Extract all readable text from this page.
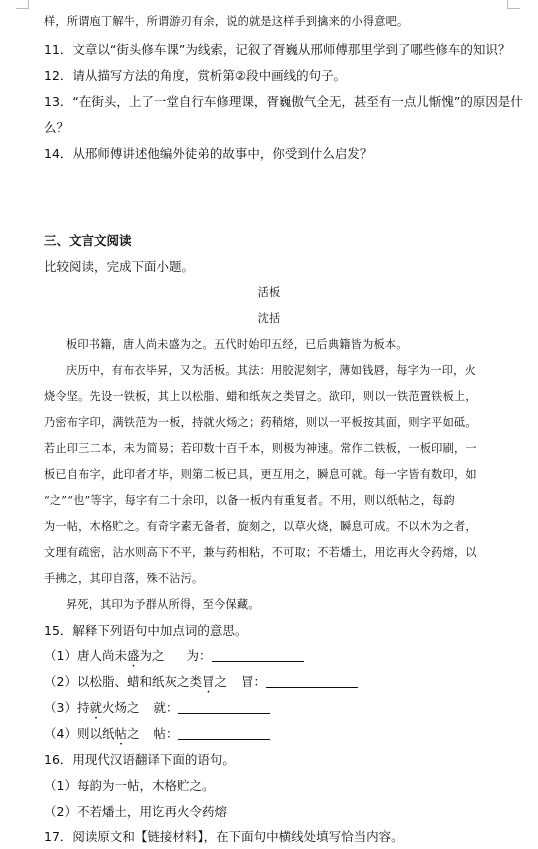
样，所谓庖丁解牛，所谓游刃有余，说的就是这样手到擒来的小得意吧。
11．文章以“街头修车课”为线索，记叙了胥巍从邢师傅那里学到了哪些修车的知识？
12．请从描写方法的角度，赏析第②段中画线的句子。
13．“在街头，上了一堂自行车修理课，胥巍傲气全无，甚至有一点儿惭愧”的原因是什
么？
14．从邢师傅讲述他编外徒弟的故事中，你受到什么启发？
三、文言文阅读
比较阅读，完成下面小题。
活板
沈括
板印书籍，唐人尚未盛为之。五代时始印五经，已后典籍皆为板本。
庆历中，有布衣毕昇，又为活板。其法：用胶泥刻字，薄如钱唇，每字为一印，火
烧令坚。先设一铁板，其上以松脂、蜡和纸灰之类冒之。欲印，则以一铁范置铁板上，
乃密布字印，满铁范为一板，持就火炀之；药稍熔，则以一平板按其面，则字平如砥。
若止印三二本，未为简易；若印数十百千本，则极为神速。常作二铁板，一板印刷，一
板已自布字，此印者才毕，则第二板已具，更互用之，瞬息可就。每一字皆有数印，如
“之”“也”等字，每字有二十余印，以备一板内有重复者。不用，则以纸帖之，每韵
为一帖，木格贮之。有奇字素无备者，旋刻之，以草火烧，瞬息可成。不以木为之者，
文理有疏密，沾水则高下不平，兼与药相粘，不可取；不若燔土，用讫再火令药熔，以
手拂之，其印自落，殊不沾污。
昇死，其印为予群从所得，至今保藏。
15．解释下列语句中加点词的意思。
（1）唐人尚未盛为之 为：
（2）以松脂、蜡和纸灰之类冒之 冒：
（3）持就火炀之 就：
（4）则以纸帖之 帖：
16．用现代汉语翻译下面的语句。
（1）每韵为一帖，木格贮之。
（2）不若燔土，用讫再火令药熔
17．阅读原文和【链接材料】，在下面句中横线处填写恰当内容。
